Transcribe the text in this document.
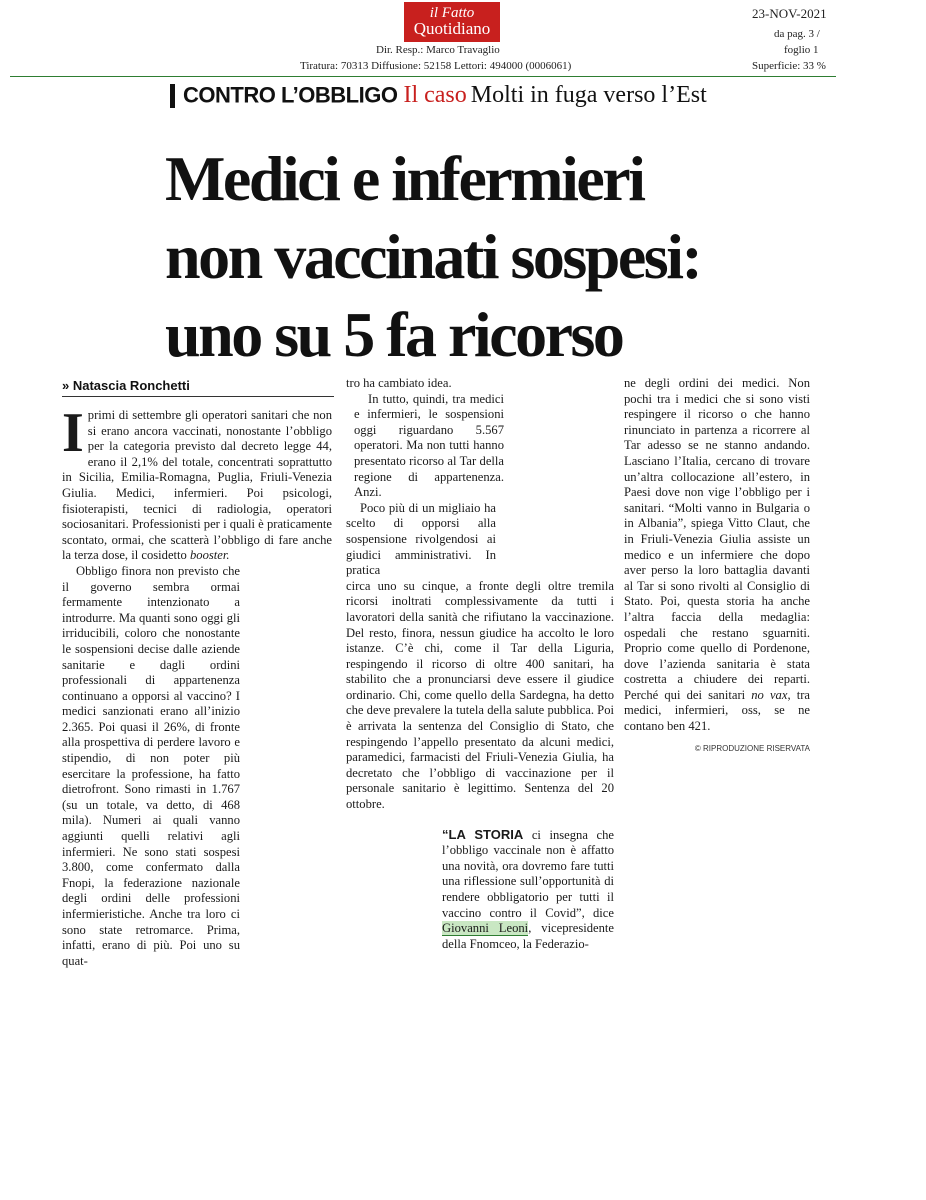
il Fatto
Quotidiano
Dir. Resp.: Marco Travaglio
Tiratura: 70313 Diffusione: 52158 Lettori: 494000 (0006061)
23-NOV-2021
da pag. 3 /
foglio 1
Superficie: 33 %
CONTRO L’OBBLIGO Il caso Molti in fuga verso l’Est
Medici e infermieri
non vaccinati sospesi:
uno su 5 fa ricorso
» Natascia Ronchetti

Iprimi di settembre gli operatori sanitari che non si erano ancora vaccinati, nonostante l’obbligo per la categoria previsto dal decreto legge 44, erano il 2,1% del totale, concentrati soprattutto in Sicilia, Emilia-Romagna, Puglia, Friuli-Venezia Giulia. Medici, infermieri. Poi psicologi, fisioterapisti, tecnici di radiologia, operatori sociosanitari. Professionisti per i quali è praticamente scontato, ormai, che scatterà l’obbligo di fare anche la terza dose, il cosidetto booster.

Obbligo finora non previsto che il governo sembra ormai fermamente intenzionato a introdurre. Ma quanti sono oggi gli irriducibili, coloro che nonostante le sospensioni decise dalle aziende sanitarie e dagli ordini professionali di appartenenza continuano a opporsi al vaccino? I medici sanzionati erano all’inizio 2.365. Poi quasi il 26%, di fronte alla prospettiva di perdere lavoro e stipendio, di non poter più esercitare la professione, ha fatto dietrofront. Sono rimasti in 1.767 (su un totale, va detto, di 468 mila). Numeri ai quali vanno aggiunti quelli relativi agli infermieri. Ne sono stati sospesi 3.800, come confermato dalla Fnopi, la federazione nazionale degli ordini delle professioni infermieristiche. Anche tra loro ci sono state retromarce. Prima, infatti, erano di più. Poi uno su quat-

tro ha cambiato idea.

In tutto, quindi, tra medici e infermieri, le sospensioni oggi riguardano 5.567 operatori. Ma non tutti hanno presentato ricorso al Tar della regione di appartenenza. Anzi.

Poco più di un migliaio ha scelto di opporsi alla sospensione rivolgendosi ai giudici amministrativi. In pratica

circa uno su cinque, a fronte degli oltre tremila ricorsi inoltrati complessivamente da tutti i lavoratori della sanità che rifiutano la vaccinazione. Del resto, finora, nessun giudice ha accolto le loro istanze. C’è chi, come il Tar della Liguria, respingendo il ricorso di oltre 400 sanitari, ha stabilito che a pronunciarsi deve essere il giudice ordinario. Chi, come quello della Sardegna, ha detto che deve prevalere la tutela della salute pubblica. Poi è arrivata la sentenza del Consiglio di Stato, che respingendo l’appello presentato da alcuni medici, paramedici, farmacisti del Friuli-Venezia Giulia, ha decretato che l’obbligo di vaccinazione per il personale sanitario è legittimo. Sentenza del 20 ottobre.

“LA STORIA ci insegna che l’obbligo vaccinale non è affatto una novità, ora dovremo fare tutti una riflessione sull’opportunità di rendere obbligatorio per tutti il vaccino contro il Covid”, dice Giovanni Leoni, vicepresidente della Fnomceo, la Federazio-

ne degli ordini dei medici. Non pochi tra i medici che si sono visti respingere il ricorso o che hanno rinunciato in partenza a ricorrere al Tar adesso se ne stanno andando. Lasciano l’Italia, cercano di trovare un’altra collocazione all’estero, in Paesi dove non vige l’obbligo per i sanitari. “Molti vanno in Bulgaria o in Albania”, spiega Vitto Claut, che in Friuli-Venezia Giulia assiste un medico e un infermiere che dopo aver perso la loro battaglia davanti al Tar si sono rivolti al Consiglio di Stato. Poi, questa storia ha anche l’altra faccia della medaglia: ospedali che restano sguarniti. Proprio come quello di Pordenone, dove l’azienda sanitaria è stata costretta a chiudere dei reparti. Perché qui dei sanitari no vax, tra medici, infermieri, oss, se ne contano ben 421.

© RIPRODUZIONE RISERVATA
